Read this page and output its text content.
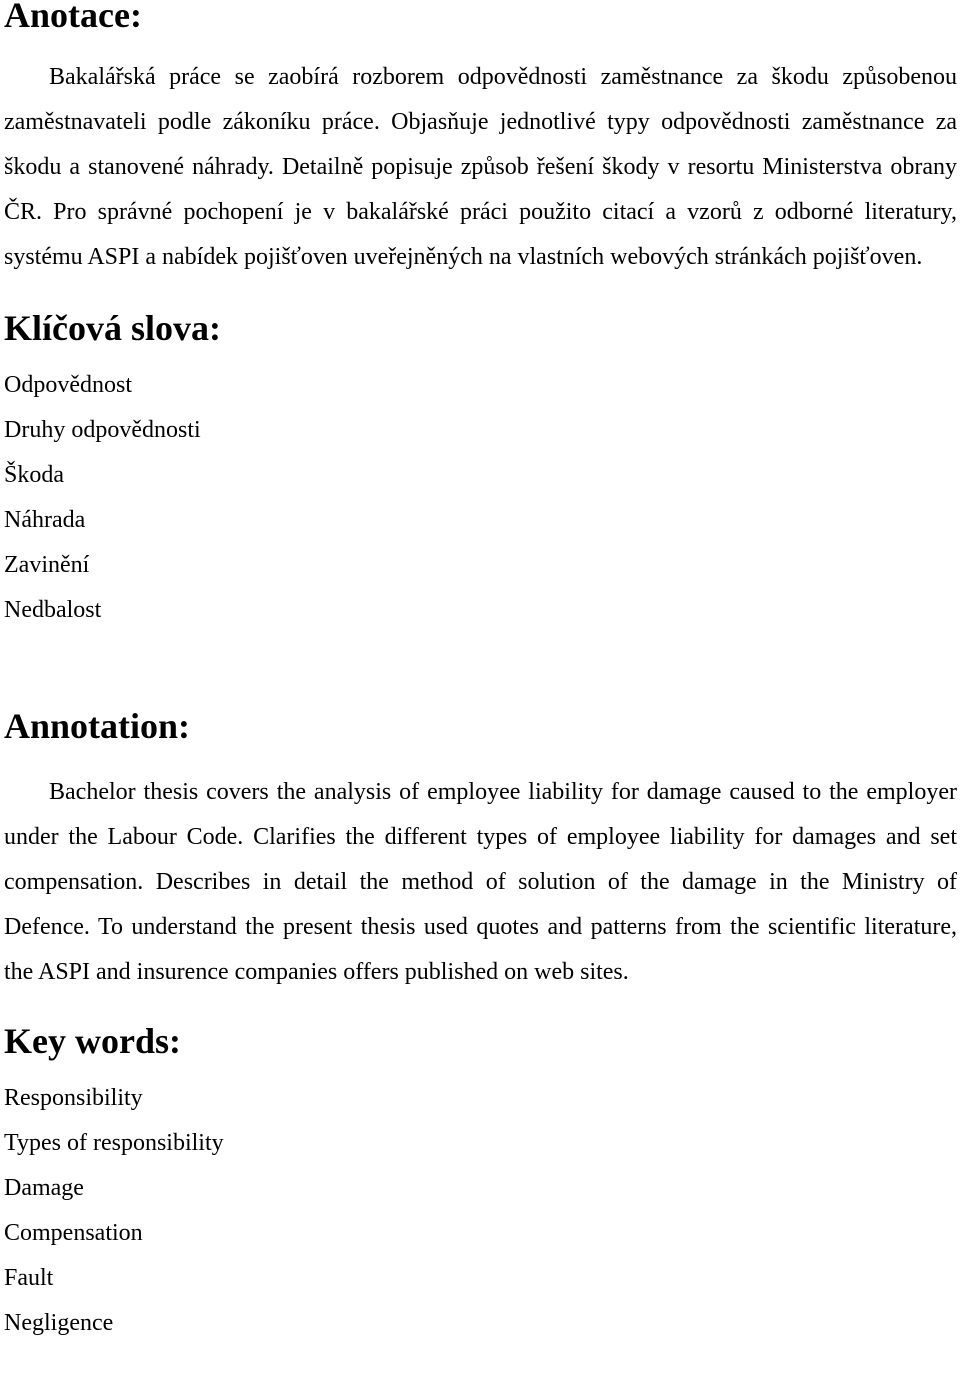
Anotace:

Bakalářská práce se zaobírá rozborem odpovědnosti zaměstnance za škodu způsobenou zaměstnavateli podle zákoníku práce. Objasňuje jednotlivé typy odpovědnosti zaměstnance za škodu a stanovené náhrady. Detailně popisuje způsob řešení škody v resortu Ministerstva obrany ČR. Pro správné pochopení je v bakalářské práci použito citací a vzorů z odborné literatury, systému ASPI a nabídek pojišťoven uveřejněných na vlastních webových stránkách pojišťoven.

Klíčová slova:
Odpovědnost
Druhy odpovědnosti
Škoda
Náhrada
Zavinění
Nedbalost
Annotation:

Bachelor thesis covers the analysis of employee liability for damage caused to the employer under the Labour Code. Clarifies the different types of employee liability for damages and set compensation. Describes in detail the method of solution of the damage in the Ministry of Defence. To understand the present thesis used quotes and patterns from the scientific literature, the ASPI and insurence companies offers published on web sites.

Key words:
Responsibility
Types of responsibility
Damage
Compensation
Fault
Negligence
